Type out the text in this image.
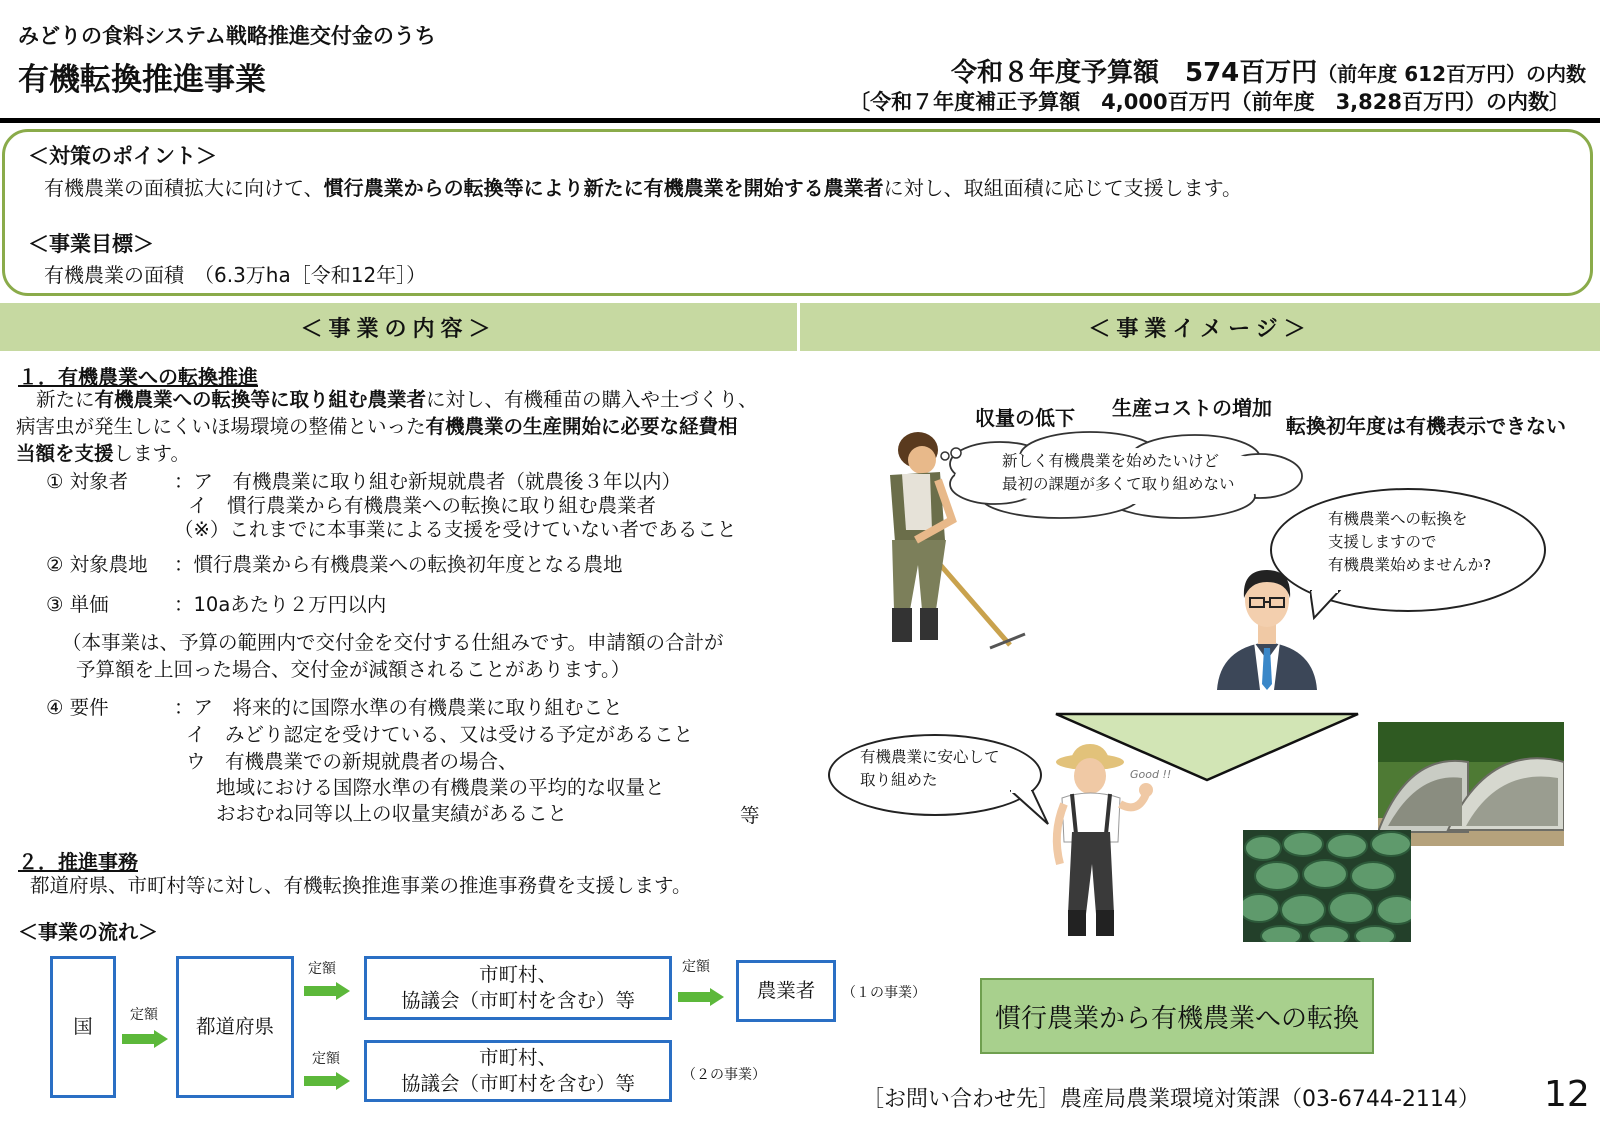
みどりの食料システム戦略推進交付金のうち
有機転換推進事業	令和８年度予算額　574百万円（前年度 612百万円）の内数
〔令和７年度補正予算額　4,000百万円（前年度　3,828百万円）の内数〕
＜対策のポイント＞
有機農業の面積拡大に向けて、慣行農業からの転換等により新たに有機農業を開始する農業者に対し、取組面積に応じて支援します。
＜事業目標＞
有機農業の面積　（6.3万ha［令和12年］）
＜事業の内容＞	＜事業イメージ＞
１．有機農業への転換推進
新たに有機農業への転換等に取り組む農業者に対し、有機種苗の購入や土づくり、
病害虫が発生しにくいほ場環境の整備といった有機農業の生産開始に必要な経費相
当額を支援します。
① 対象者 ：ア　有機農業に取り組む新規就農者（就農後３年以内）
イ　慣行農業から有機農業への転換に取り組む農業者
（※）これまでに本事業による支援を受けていない者であること
② 対象農地 ：慣行農業から有機農業への転換初年度となる農地
③ 単価	：10aあたり２万円以内
（本事業は、予算の範囲内で交付金を交付する仕組みです。申請額の合計が
予算額を上回った場合、交付金が減額されることがあります。）
④ 要件	：ア　将来的に国際水準の有機農業に取り組むこと
イ　みどり認定を受けている、又は受ける予定があること
ウ　有機農業での新規就農者の場合、
地域における国際水準の有機農業の平均的な収量と
おおむね同等以上の収量実績があること	等
２．推進事務
都道府県、市町村等に対し、有機転換推進事業の推進事務費を支援します。
＜事業の流れ＞
国	定額	都道府県
定額	市町村、
協議会（市町村を含む）等
定額
農業者	（１の事業）
定額	市町村、
協議会（市町村を含む）等	（２の事業）
収量の低下 生産コストの増加
転換初年度は有機表示できない
新しく有機農業を始めたいけど
最初の課題が多くて取り組めない
有機農業への転換を
支援しますので
有機農業始めませんか?
有機農業に安心して
取り組めた	Good !!
慣行農業から有機農業への転換
［お問い合わせ先］農産局農業環境対策課（03-6744-2114） 12
